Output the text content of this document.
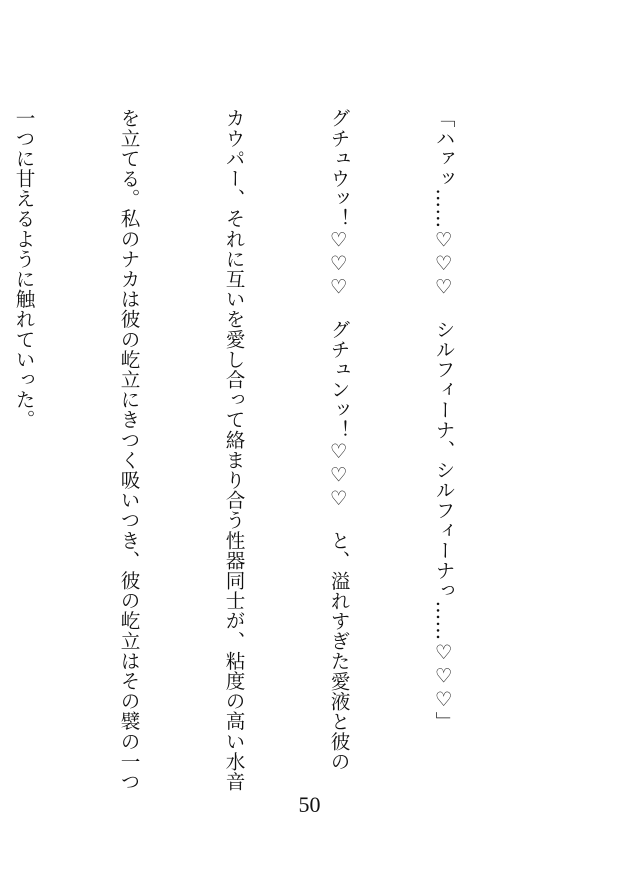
「ハァッ……♡♡♡　シルフィーナ、シルフィーナっ……♡♡♡」

グチュウッ！♡♡♡　グチュンッ！♡♡♡　と、溢れすぎた愛液と彼の

カウパー、それに互いを愛し合って絡まり合う性器同士が、粘度の高い水音

を立てる。私のナカは彼の屹立にきつく吸いつき、彼の屹立はその襞の一つ

一つに甘えるように触れていった。

50
